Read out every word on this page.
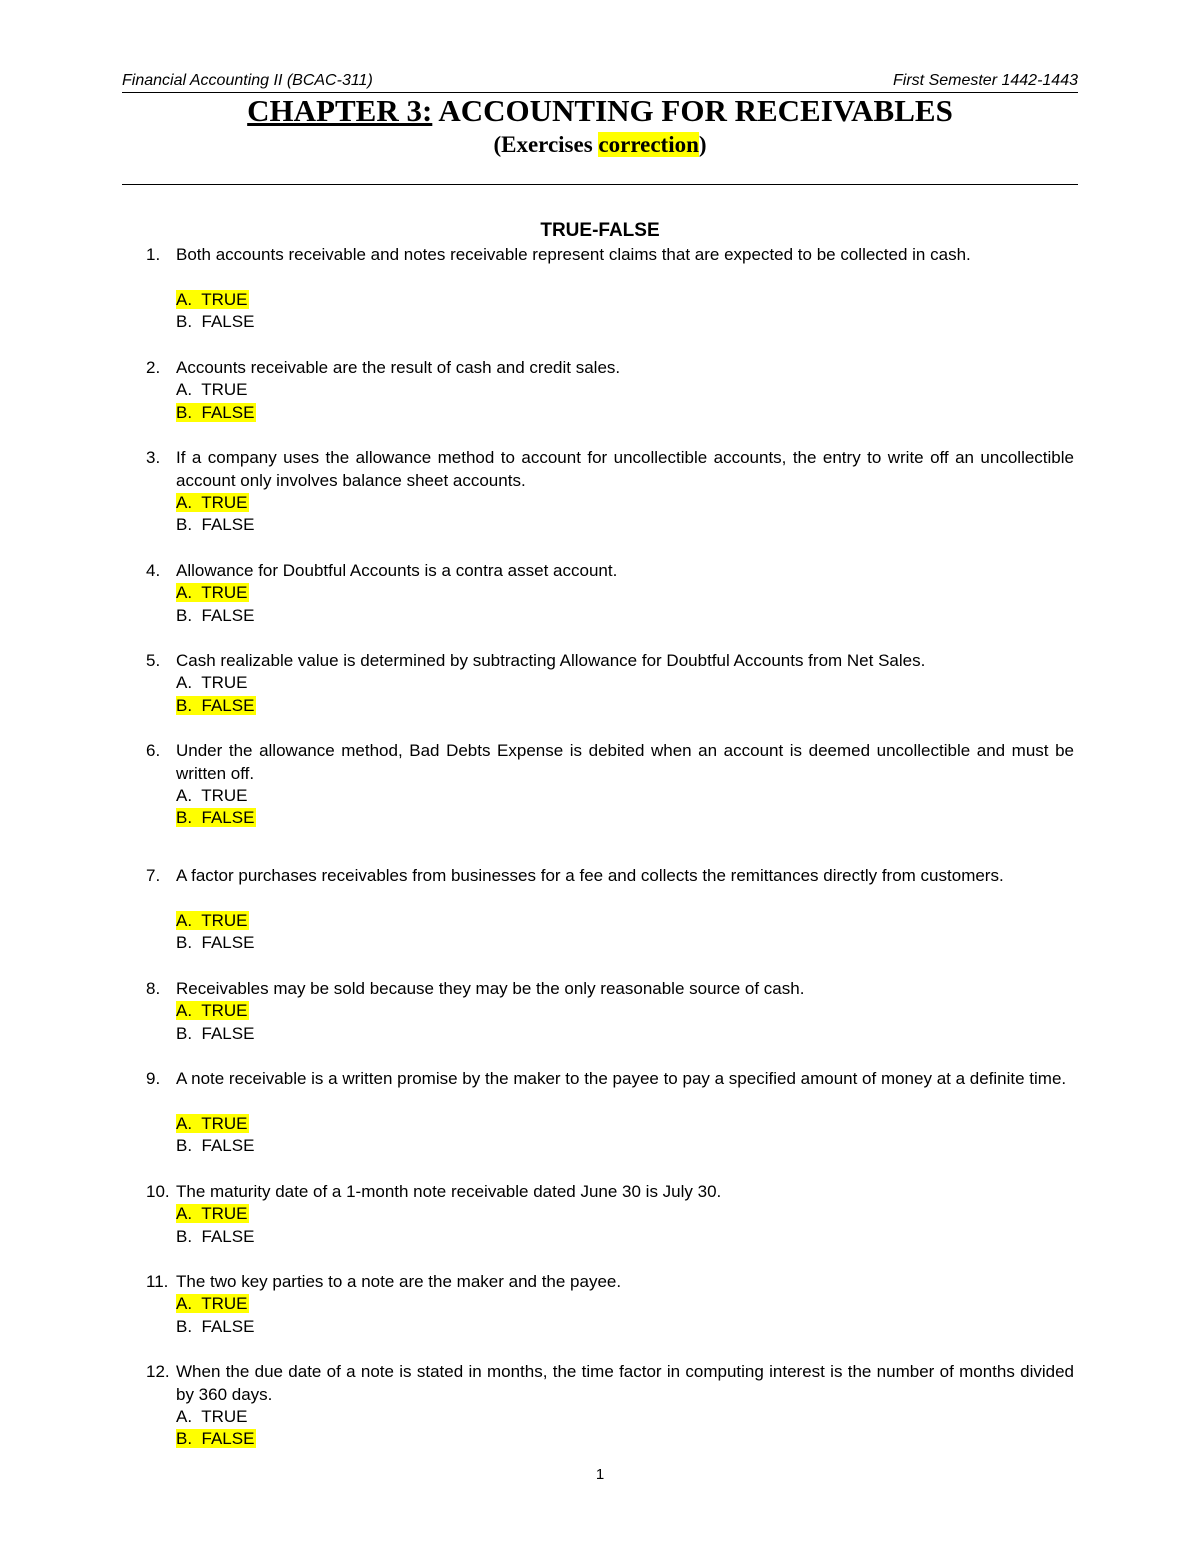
Financial Accounting II (BCAC-311)	First Semester 1442-1443
CHAPTER 3: ACCOUNTING FOR RECEIVABLES
(Exercises correction)
TRUE-FALSE
1. Both accounts receivable and notes receivable represent claims that are expected to be collected in cash.
A.  TRUE
B.  FALSE
2. Accounts receivable are the result of cash and credit sales.
A.  TRUE
B.  FALSE
3. If a company uses the allowance method to account for uncollectible accounts, the entry to write off an uncollectible account only involves balance sheet accounts.
A.  TRUE
B.  FALSE
4. Allowance for Doubtful Accounts is a contra asset account.
A.  TRUE
B.  FALSE
5. Cash realizable value is determined by subtracting Allowance for Doubtful Accounts from Net Sales.
A.  TRUE
B.  FALSE
6. Under the allowance method, Bad Debts Expense is debited when an account is deemed uncollectible and must be written off.
A.  TRUE
B.  FALSE
7. A factor purchases receivables from businesses for a fee and collects the remittances directly from customers.
A.  TRUE
B.  FALSE
8. Receivables may be sold because they may be the only reasonable source of cash.
A.  TRUE
B.  FALSE
9. A note receivable is a written promise by the maker to the payee to pay a specified amount of money at a definite time.
A.  TRUE
B.  FALSE
10. The maturity date of a 1-month note receivable dated June 30 is July 30.
A.  TRUE
B.  FALSE
11. The two key parties to a note are the maker and the payee.
A.  TRUE
B.  FALSE
12. When the due date of a note is stated in months, the time factor in computing interest is the number of months divided by 360 days.
A.  TRUE
B.  FALSE
1
